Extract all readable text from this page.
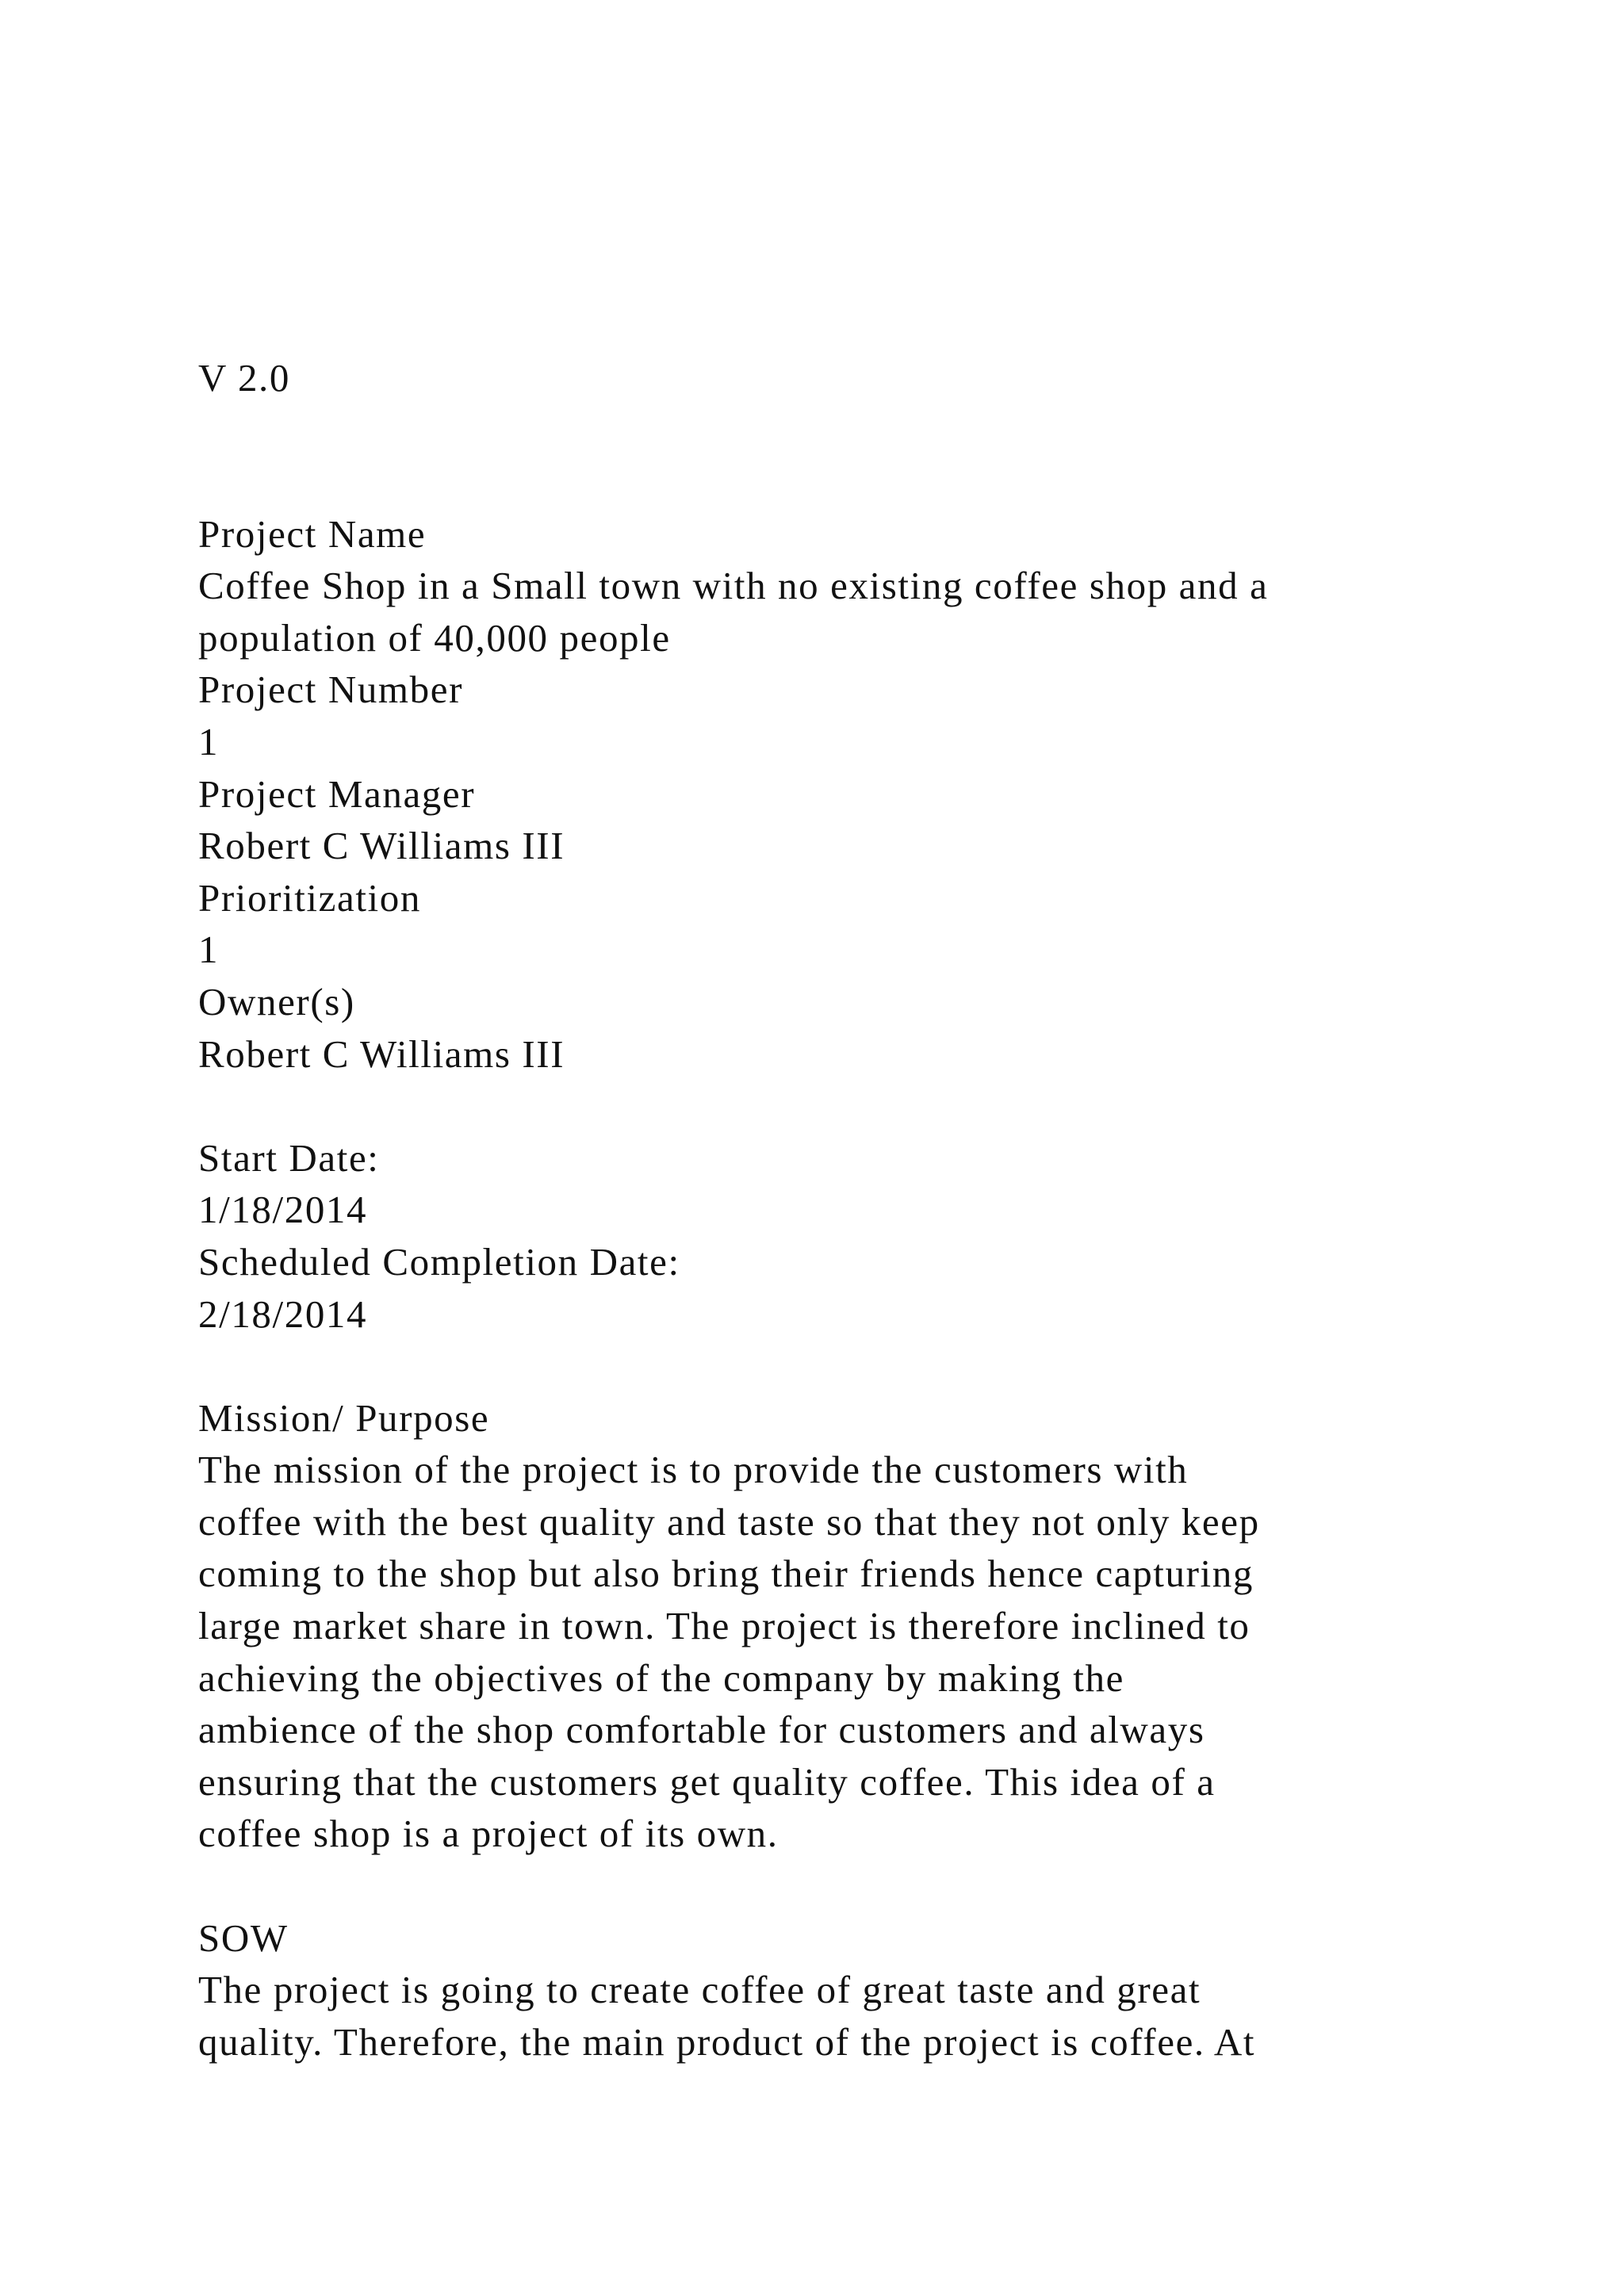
V 2.0
Project Name
Coffee Shop in a Small town with no existing coffee shop and a
population of 40,000 people
Project Number
1
Project Manager
Robert C Williams III
Prioritization
1
Owner(s)
Robert C Williams III
Start Date:
1/18/2014
Scheduled Completion Date:
2/18/2014
Mission/ Purpose
The mission of the project is to provide the customers with
coffee with the best quality and taste so that they not only keep
coming to the shop but also bring their friends hence capturing
large market share in town. The project is therefore inclined to
achieving the objectives of the company by making the
ambience of the shop comfortable for customers and always
ensuring that the customers get quality coffee. This idea of a
coffee shop is a project of its own.
SOW
The project is going to create coffee of great taste and great
quality. Therefore, the main product of the project is coffee. At
